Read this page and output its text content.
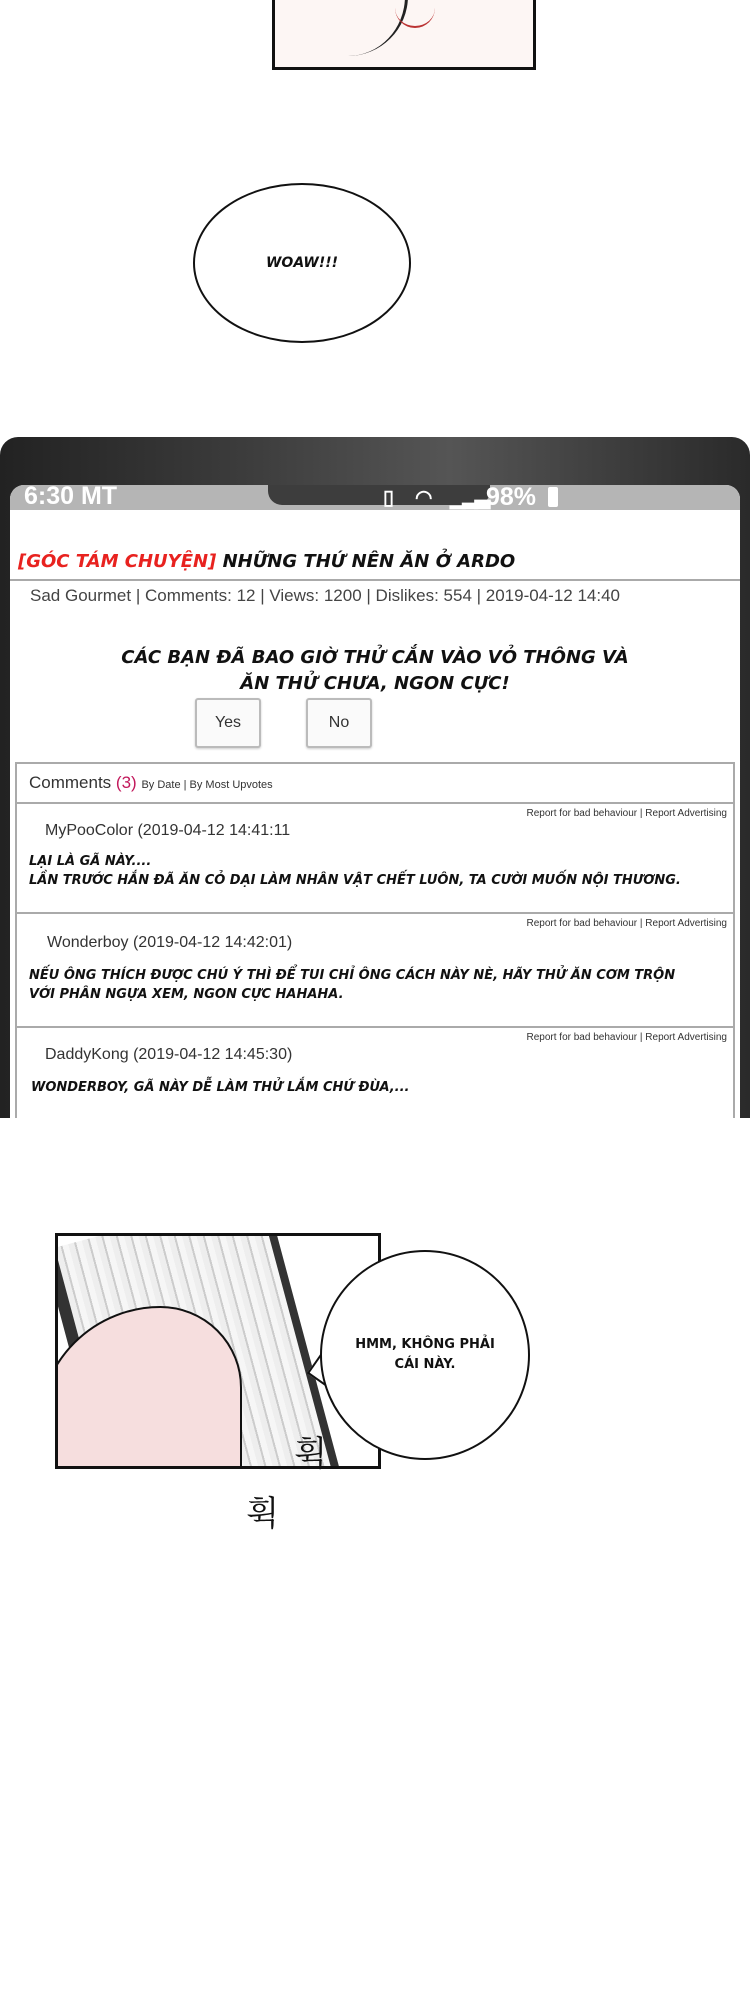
WOAW!!!
6:30 MT	▯ ◠ ▁▂▃
98%
[GÓC TÁM CHUYỆN] NHỮNG THỨ NÊN ĂN Ở ARDO
Sad Gourmet | Comments: 12 | Views: 1200 | Dislikes: 554 | 2019-04-12 14:40
CÁC BẠN ĐÃ BAO GIỜ THỬ CẮN VÀO VỎ THÔNG VÀ
ĂN THỬ CHƯA, NGON CỰC!
Yes	No
Comments (3) By Date | By Most Upvotes
Report for bad behaviour | Report Advertising
MyPooColor (2019-04-12 14:41:11
LẠI LÀ GÃ NÀY....
LẦN TRƯỚC HẮN ĐÃ ĂN CỎ DẠI LÀM NHÂN VẬT CHẾT LUÔN, TA CƯỜI MUỐN NỘI THƯƠNG.
Report for bad behaviour | Report Advertising
Wonderboy (2019-04-12 14:42:01)
NẾU ÔNG THÍCH ĐƯỢC CHÚ Ý THÌ ĐỂ TUI CHỈ ÔNG CÁCH NÀY NÈ, HÃY THỬ ĂN CƠM TRỘN
VỚI PHÂN NGỰA XEM, NGON CỰC HAHAHA.
Report for bad behaviour | Report Advertising
DaddyKong (2019-04-12 14:45:30)
WONDERBOY, GÃ NÀY DỄ LÀM THỬ LẮM CHỨ ĐÙA,...
HMM, KHÔNG PHẢI
CÁI NÀY.
휙
휙
